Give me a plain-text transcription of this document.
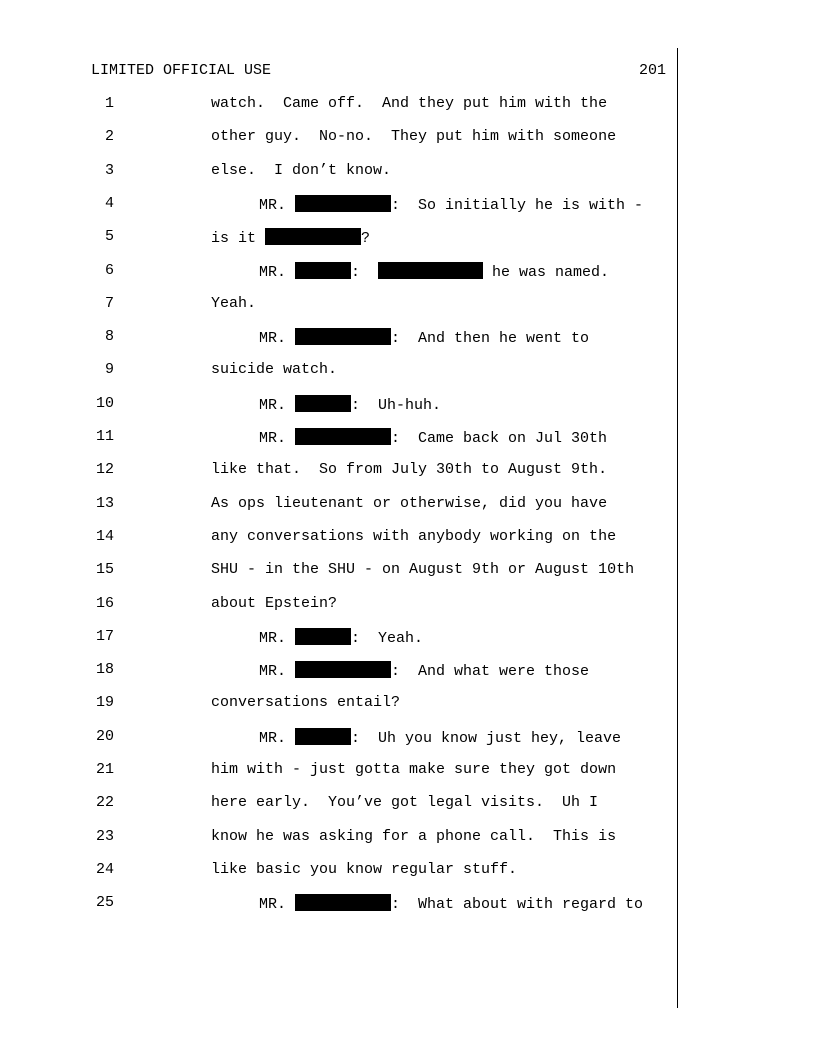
LIMITED OFFICIAL USE	201
1	watch.  Came off.  And they put him with the
2	other guy.  No-no.  They put him with someone
3	else.  I don’t know.
4	MR.	:  So initially he is with -
5	is it	?
6	MR.	:	he was named.
7	Yeah.
8	MR.	:  And then he went to
9	suicide watch.
10	MR.	:  Uh-huh.
11	MR.	:  Came back on Jul 30th
12	like that.  So from July 30th to August 9th.
13	As ops lieutenant or otherwise, did you have
14	any conversations with anybody working on the
15	SHU - in the SHU - on August 9th or August 10th
16	about Epstein?
17	MR.	:  Yeah.
18	MR.	:  And what were those
19	conversations entail?
20	MR.	:  Uh you know just hey, leave
21	him with - just gotta make sure they got down
22	here early.  You’ve got legal visits.  Uh I
23	know he was asking for a phone call.  This is
24	like basic you know regular stuff.
25	MR.	:  What about with regard to
